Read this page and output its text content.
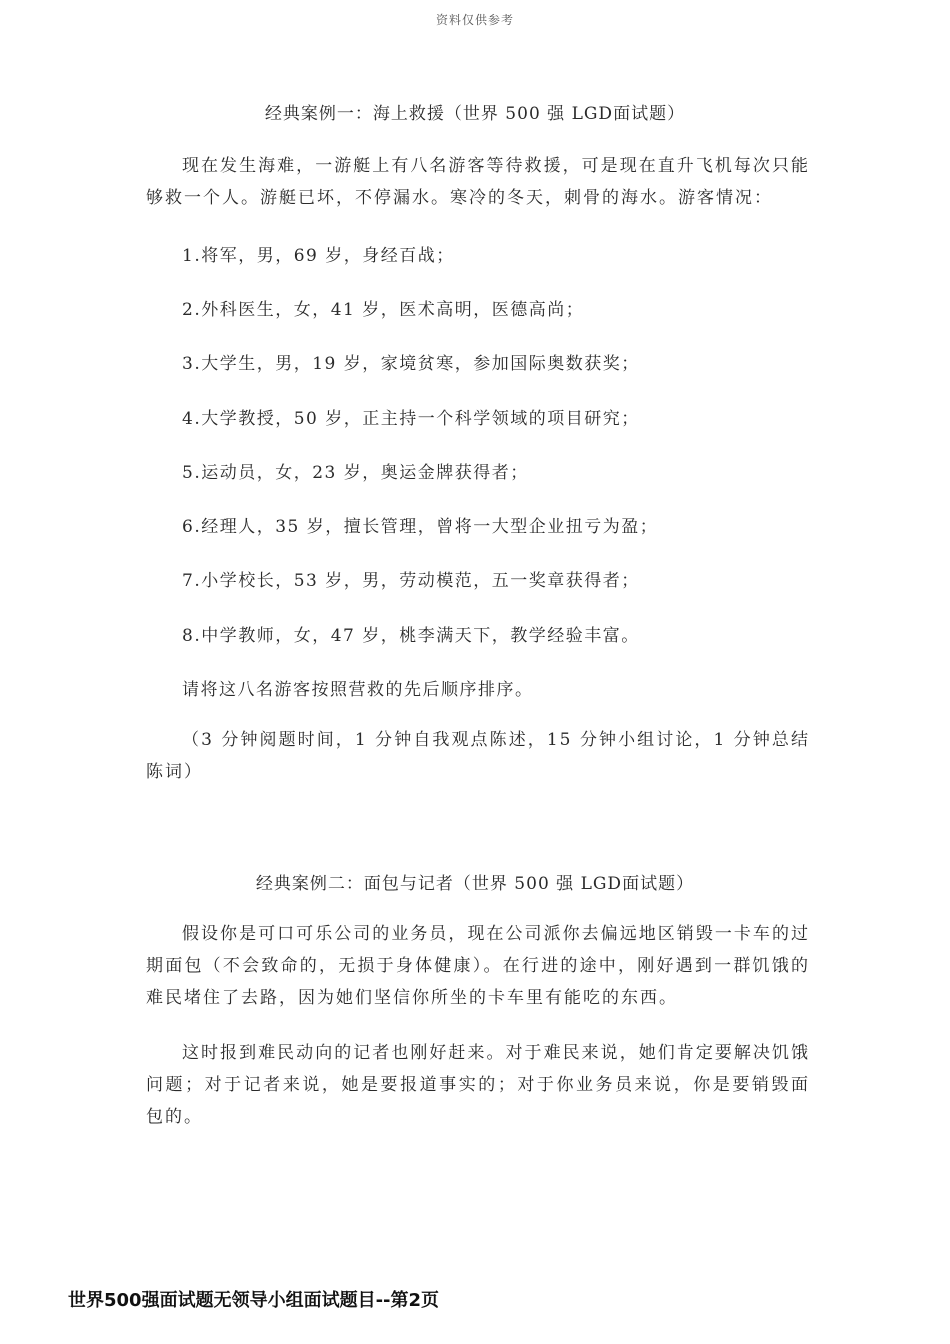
资料仅供参考
经典案例一：海上救援（世界 500 强 LGD面试题）
现在发生海难，一游艇上有八名游客等待救援，可是现在直升飞机每次只能够救一个人。游艇已坏，不停漏水。寒冷的冬天，刺骨的海水。游客情况：
1.将军，男，69 岁，身经百战；
2.外科医生，女，41 岁，医术高明，医德高尚；
3.大学生，男，19 岁，家境贫寒，参加国际奥数获奖；
4.大学教授，50 岁，正主持一个科学领域的项目研究；
5.运动员，女，23 岁，奥运金牌获得者；
6.经理人，35 岁，擅长管理，曾将一大型企业扭亏为盈；
7.小学校长，53 岁，男，劳动模范，五一奖章获得者；
8.中学教师，女，47 岁，桃李满天下，教学经验丰富。
请将这八名游客按照营救的先后顺序排序。
（3 分钟阅题时间，1 分钟自我观点陈述，15 分钟小组讨论，1 分钟总结陈词）
经典案例二：面包与记者（世界 500 强 LGD面试题）
假设你是可口可乐公司的业务员，现在公司派你去偏远地区销毁一卡车的过期面包（不会致命的，无损于身体健康）。在行进的途中，刚好遇到一群饥饿的难民堵住了去路，因为她们坚信你所坐的卡车里有能吃的东西。
这时报到难民动向的记者也刚好赶来。对于难民来说，她们肯定要解决饥饿问题；对于记者来说，她是要报道事实的；对于你业务员来说，你是要销毁面包的。
世界500强面试题无领导小组面试题目--第2页
